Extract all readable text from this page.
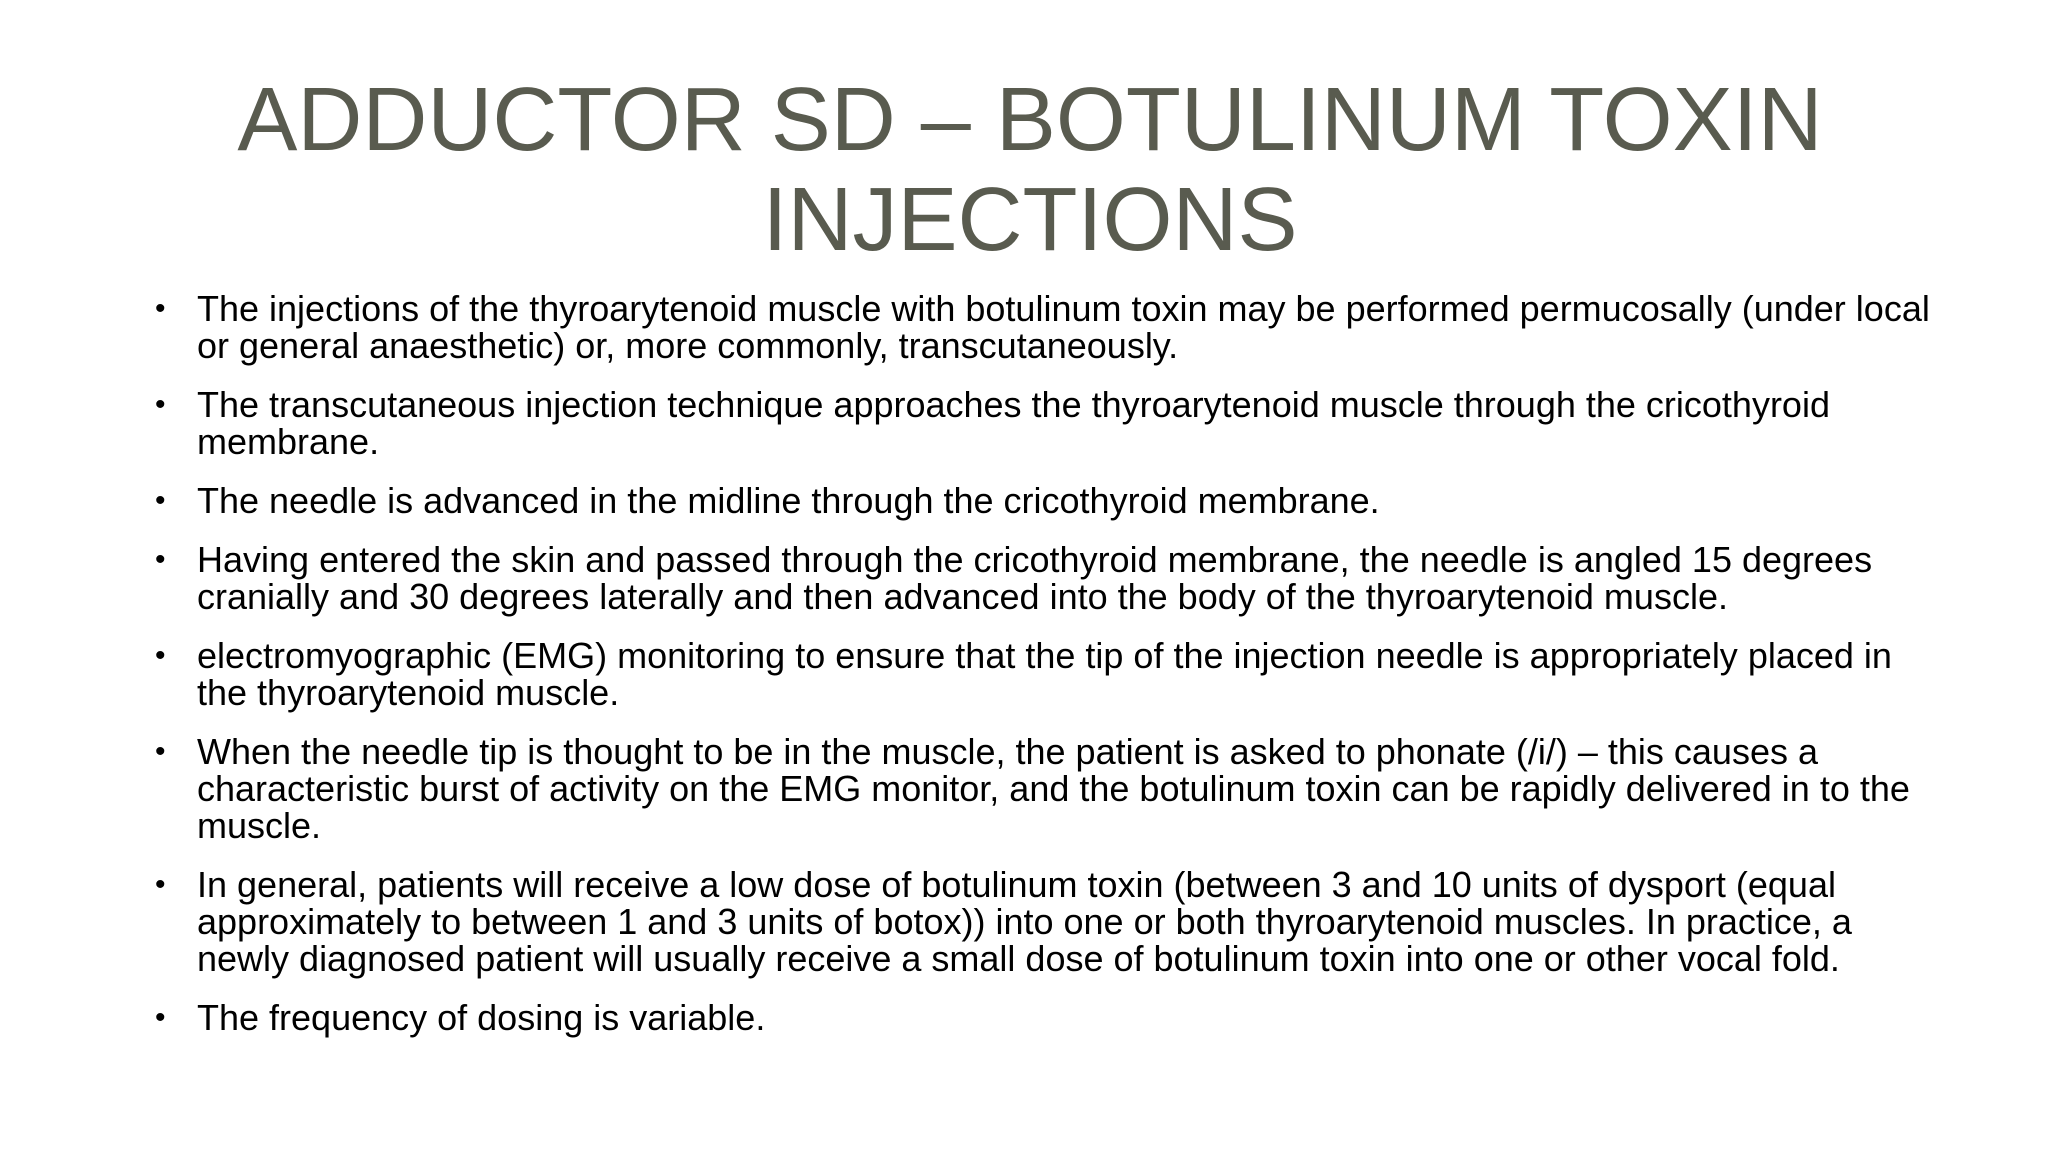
ADDUCTOR SD – BOTULINUM TOXIN
INJECTIONS
• The injections of the thyroarytenoid muscle with botulinum toxin may be performed permucosally (under local or general anaesthetic) or, more commonly, transcutaneously.
• The transcutaneous injection technique approaches the thyroarytenoid muscle through the cricothyroid membrane.
• The needle is advanced in the midline through the cricothyroid membrane.
• Having entered the skin and passed through the cricothyroid membrane, the needle is angled 15 degrees cranially and 30 degrees laterally and then advanced into the body of the thyroarytenoid muscle.
• electromyographic (EMG) monitoring to ensure that the tip of the injection needle is appropriately placed in the thyroarytenoid muscle.
• When the needle tip is thought to be in the muscle, the patient is asked to phonate (/i/) – this causes a characteristic burst of activity on the EMG monitor, and the botulinum toxin can be rapidly delivered in to the muscle.
• In general, patients will receive a low dose of botulinum toxin (between 3 and 10 units of dysport (equal approximately to between 1 and 3 units of botox)) into one or both thyroarytenoid muscles. In practice, a newly diagnosed patient will usually receive a small dose of botulinum toxin into one or other vocal fold.
• The frequency of dosing is variable.
